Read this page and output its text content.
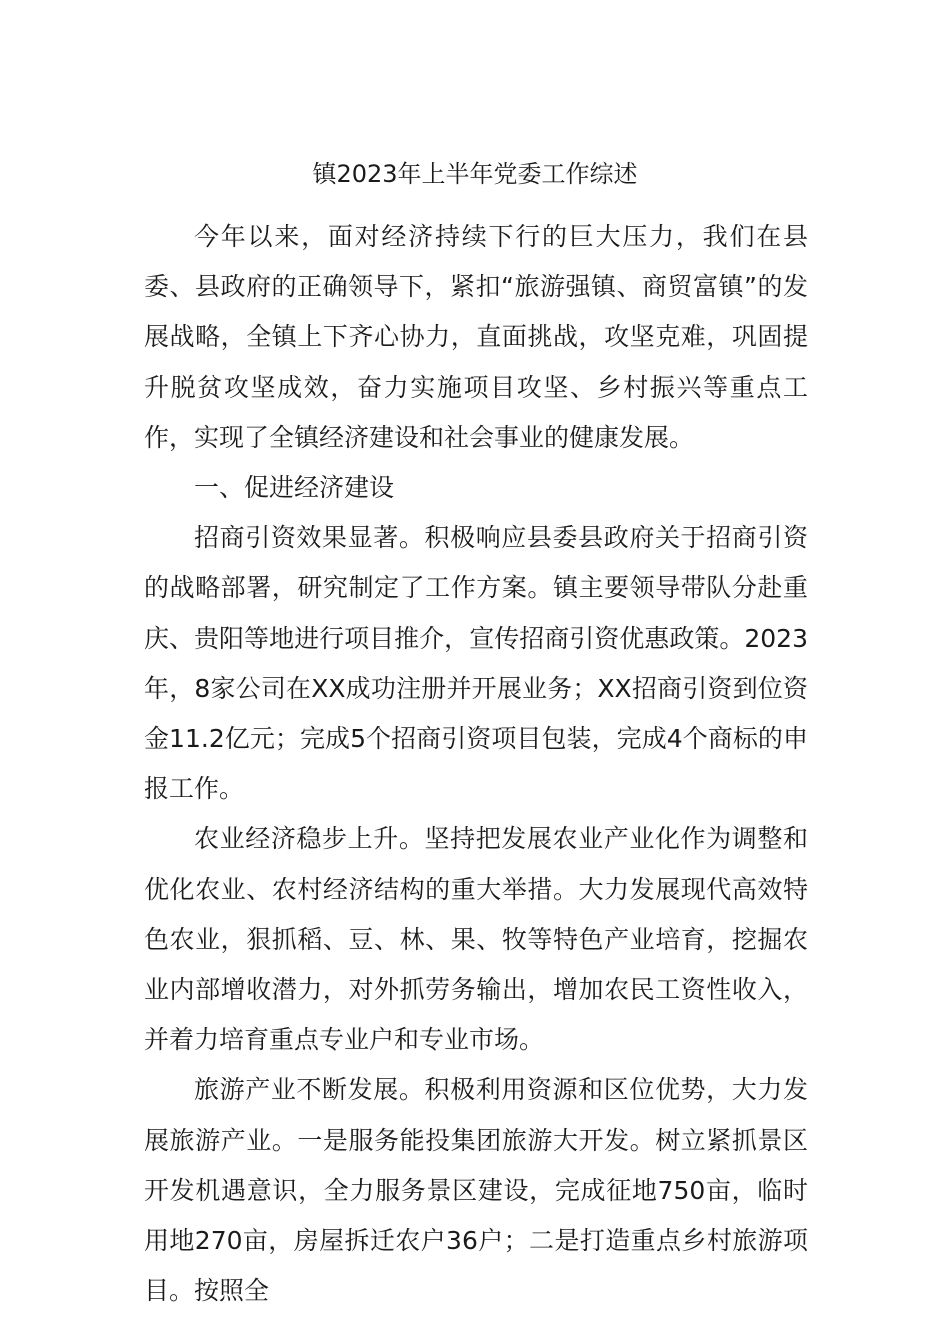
镇2023年上半年党委工作综述

今年以来，面对经济持续下行的巨大压力，我们在县委、县政府的正确领导下，紧扣“旅游强镇、商贸富镇”的发展战略，全镇上下齐心协力，直面挑战，攻坚克难，巩固提升脱贫攻坚成效，奋力实施项目攻坚、乡村振兴等重点工作，实现了全镇经济建设和社会事业的健康发展。

一、促进经济建设

招商引资效果显著。积极响应县委县政府关于招商引资的战略部署，研究制定了工作方案。镇主要领导带队分赴重庆、贵阳等地进行项目推介，宣传招商引资优惠政策。2023年，8家公司在XX成功注册并开展业务；XX招商引资到位资金11.2亿元；完成5个招商引资项目包装，完成4个商标的申报工作。

农业经济稳步上升。坚持把发展农业产业化作为调整和优化农业、农村经济结构的重大举措。大力发展现代高效特色农业，狠抓稻、豆、林、果、牧等特色产业培育，挖掘农业内部增收潜力，对外抓劳务输出，增加农民工资性收入，并着力培育重点专业户和专业市场。

旅游产业不断发展。积极利用资源和区位优势，大力发展旅游产业。一是服务能投集团旅游大开发。树立紧抓景区开发机遇意识，全力服务景区建设，完成征地750亩，临时用地270亩，房屋拆迁农户36户；二是打造重点乡村旅游项目。按照全
